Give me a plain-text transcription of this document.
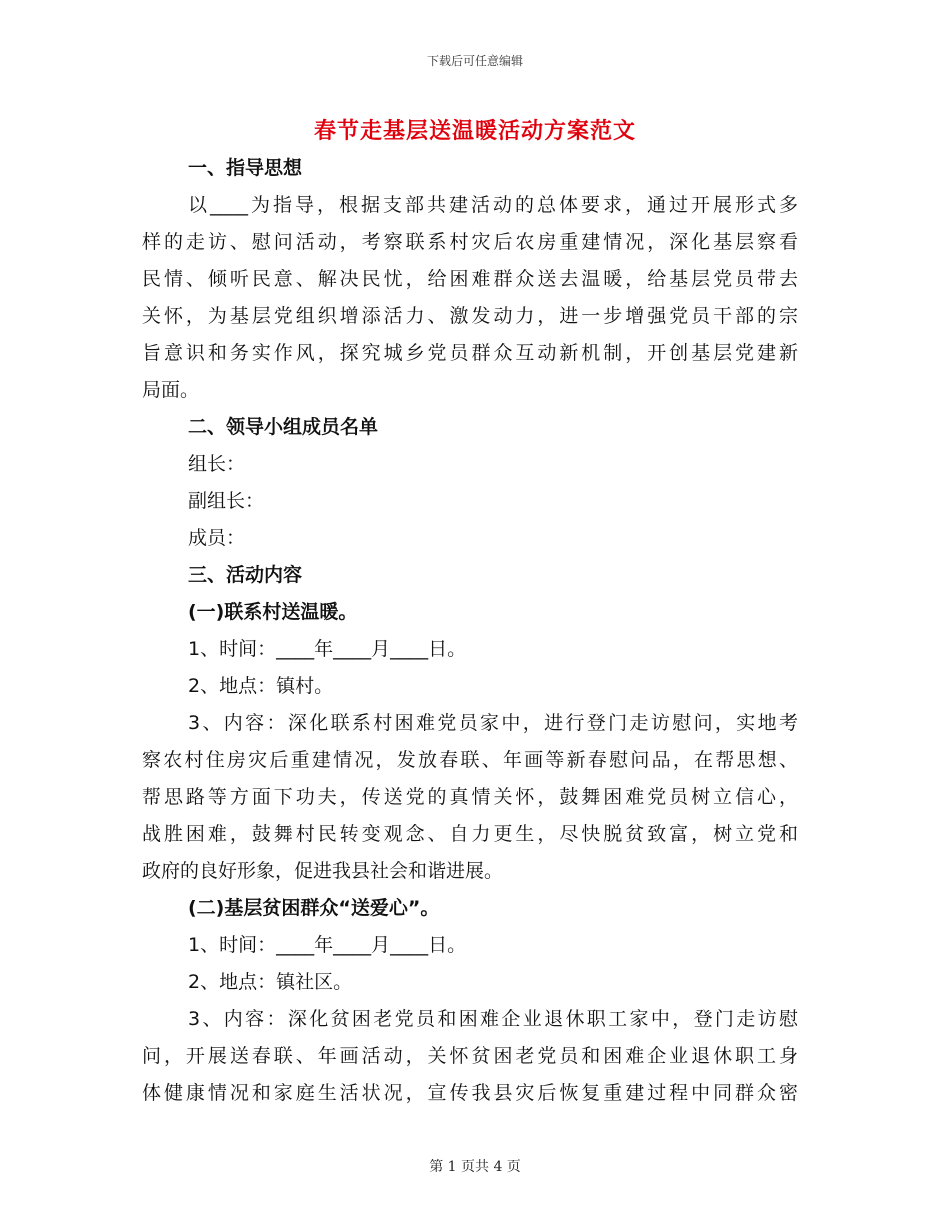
下载后可任意编辑
春节走基层送温暖活动方案范文
一、指导思想
以____为指导，根据支部共建活动的总体要求，通过开展形式多
样的走访、慰问活动，考察联系村灾后农房重建情况，深化基层察看
民情、倾听民意、解决民忧，给困难群众送去温暖，给基层党员带去
关怀，为基层党组织增添活力、激发动力，进一步增强党员干部的宗
旨意识和务实作风，探究城乡党员群众互动新机制，开创基层党建新
局面。
二、领导小组成员名单
组长：
副组长：
成员：
三、活动内容
(一)联系村送温暖。
1、时间：____年____月____日。
2、地点：镇村。
3、内容：深化联系村困难党员家中，进行登门走访慰问，实地考
察农村住房灾后重建情况，发放春联、年画等新春慰问品，在帮思想、
帮思路等方面下功夫，传送党的真情关怀，鼓舞困难党员树立信心，
战胜困难，鼓舞村民转变观念、自力更生，尽快脱贫致富，树立党和
政府的良好形象，促进我县社会和谐进展。
(二)基层贫困群众“送爱心”。
1、时间：____年____月____日。
2、地点：镇社区。
3、内容：深化贫困老党员和困难企业退休职工家中，登门走访慰
问，开展送春联、年画活动，关怀贫困老党员和困难企业退休职工身
体健康情况和家庭生活状况，宣传我县灾后恢复重建过程中同群众密
第 1 页共 4 页
